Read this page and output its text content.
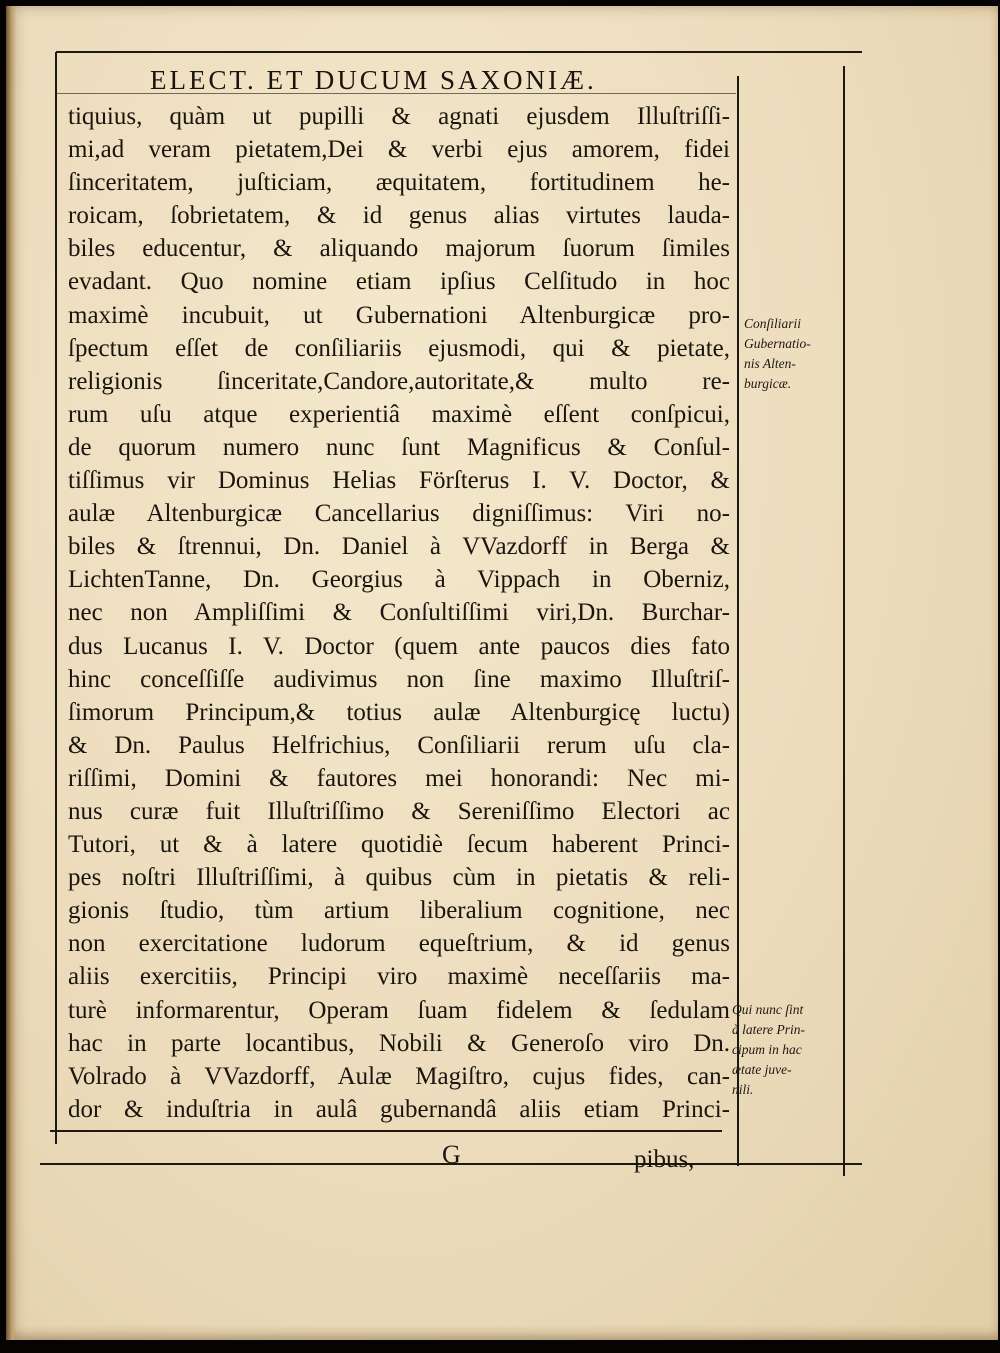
ELECT. ET DUCUM SAXONIÆ.
tiquius, quàm ut pupilli & agnati ejusdem Illuſtriſſi-
mi,ad veram pietatem,Dei & verbi ejus amorem, fidei
ſinceritatem, juſticiam, æquitatem, fortitudinem he-
roicam, ſobrietatem, & id genus alias virtutes lauda-
biles educentur, & aliquando majorum ſuorum ſimiles
evadant. Quo nomine etiam ipſius Celſitudo in hoc
maximè incubuit, ut Gubernationi Altenburgicæ pro-
ſpectum eſſet de conſiliariis ejusmodi, qui & pietate,
religionis ſinceritate,Candore,autoritate,& multo re-
rum uſu atque experientiâ maximè eſſent conſpicui,
de quorum numero nunc ſunt Magnificus & Conſul-
tiſſimus vir Dominus Helias Förſterus I. V. Doctor, &
aulæ Altenburgicæ Cancellarius digniſſimus: Viri no-
biles & ſtrennui, Dn. Daniel à VVazdorff in Berga &
LichtenTanne, Dn. Georgius à Vippach in Oberniz,
nec non Ampliſſimi & Conſultiſſimi viri,Dn. Burchar-
dus Lucanus I. V. Doctor (quem ante paucos dies fato
hinc conceſſiſſe audivimus non ſine maximo Illuſtriſ-
ſimorum Principum,& totius aulæ Altenburgicę luctu)
& Dn. Paulus Helfrichius, Conſiliarii rerum uſu cla-
riſſimi, Domini & fautores mei honorandi: Nec mi-
nus curæ fuit Illuſtriſſimo & Sereniſſimo Electori ac
Tutori, ut & à latere quotidiè ſecum haberent Princi-
pes noſtri Illuſtriſſimi, à quibus cùm in pietatis & reli-
gionis ſtudio, tùm artium liberalium cognitione, nec
non exercitatione ludorum equeſtrium, & id genus
aliis exercitiis, Principi viro maximè neceſſariis ma-
turè informarentur, Operam ſuam fidelem & ſedulam
hac in parte locantibus, Nobili & Generoſo viro Dn.
Volrado à VVazdorff, Aulæ Magiſtro, cujus fides, can-
dor & induſtria in aulâ gubernandâ aliis etiam Princi-
Conſiliarii
Gubernatio-
nis Alten-
burgicæ.
Qui nunc ſint
à latere Prin-
cipum in hac
ætate juve-
nili.
G	pibus,
